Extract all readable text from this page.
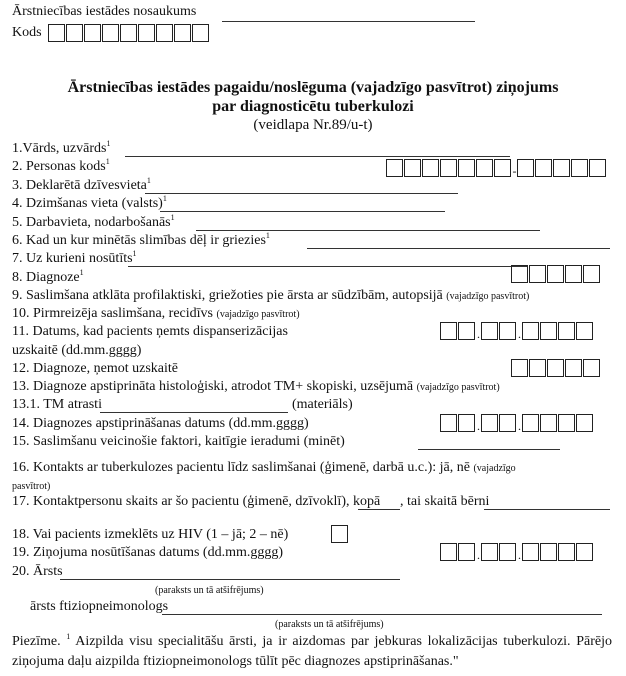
Ārstniecības iestādes nosaukums
Kods
Ārstniecības iestādes pagaidu/noslēguma (vajadzīgo pasvītrot) ziņojums
par diagnosticētu tuberkulozi
(veidlapa Nr.89/u-t)
1.Vārds, uzvārds$^1$
2. Personas kods$^1$
-
3. Deklarētā dzīvesvieta$^1$
4. Dzimšanas vieta (valsts)$^1$
5. Darbavieta, nodarbošanās$^1$
6. Kad un kur minētās slimības dēļ ir griezies$^1$
7. Uz kurieni nosūtīts$^1$
8. Diagnoze$^1$
9. Saslimšana atklāta profilaktiski, griežoties pie ārsta ar sūdzībām, autopsijā (vajadzīgo pasvītrot)
10. Pirmreizēja saslimšana, recidīvs (vajadzīgo pasvītrot)
11. Datums, kad pacients ņemts dispanserizācijas
uzskaitē (dd.mm.gggg)
.	.
12. Diagnoze, ņemot uzskaitē
13. Diagnoze apstiprināta histoloģiski, atrodot TM+ skopiski, uzsējumā (vajadzīgo pasvītrot)
13.1. TM atrasti	(materiāls)
14. Diagnozes apstiprināšanas datums (dd.mm.gggg)	.	.
15. Saslimšanu veicinošie faktori, kaitīgie ieradumi (minēt)
16. Kontakts ar tuberkulozes pacientu līdz saslimšanai (ģimenē, darbā u.c.): jā, nē (vajadzīgo
pasvītrot)
17. Kontaktpersonu skaits ar šo pacientu (ģimenē, dzīvoklī), kopā , tai skaitā bērni
18. Vai pacients izmeklēts uz HIV (1 – jā; 2 – nē)
19. Ziņojuma nosūtīšanas datums (dd.mm.gggg)	.	.
20. Ārsts
(paraksts un tā atšifrējums)
ārsts ftiziopneimonologs
(paraksts un tā atšifrējums)
Piezīme. $^1$ Aizpilda visu specialitāšu ārsti, ja ir aizdomas par jebkuras lokalizācijas tuberkulozi. Pārējo ziņojuma daļu aizpilda ftiziopneimonologs tūlīt pēc diagnozes apstiprināšanas."
